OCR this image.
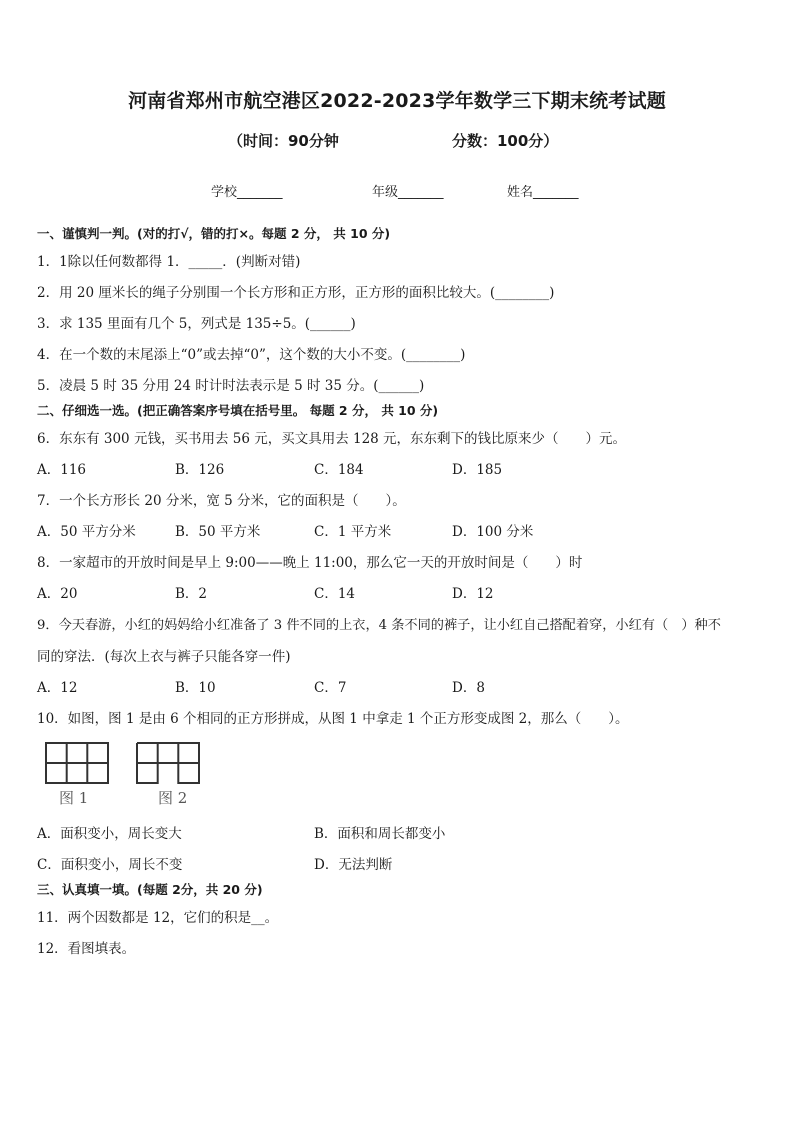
河南省郑州市航空港区2022-2023学年数学三下期末统考试题
（时间：90分钟	分数：100分）
学校_______	年级_______	姓名_______
一、谨慎判一判。(对的打√，错的打×。每题 2 分， 共 10 分)
1．1除以任何数都得 1．_____．(判断对错)
2．用 20 厘米长的绳子分别围一个长方形和正方形，正方形的面积比较大。(________)
3．求 135 里面有几个 5，列式是 135÷5。(______)
4．在一个数的末尾添上“0”或去掉“0”，这个数的大小不变。(________)
5．凌晨 5 时 35 分用 24 时计时法表示是 5 时 35 分。(______)
二、仔细选一选。(把正确答案序号填在括号里。 每题 2 分， 共 10 分)
6．东东有 300 元钱，买书用去 56 元，买文具用去 128 元，东东剩下的钱比原来少（　　）元。
A．116	B．126	C．184	D．185
7．一个长方形长 20 分米，宽 5 分米，它的面积是（　　）。
A．50 平方分米	B．50 平方米	C．1 平方米	D．100 分米
8．一家超市的开放时间是早上 9:00——晚上 11:00，那么它一天的开放时间是（　　）时
A．20	B．2	C．14	D．12
9．今天春游，小红的妈妈给小红准备了 3 件不同的上衣，4 条不同的裤子，让小红自己搭配着穿，小红有（　）种不
同的穿法．(每次上衣与裤子只能各穿一件)
A．12	B．10	C．7	D．8
10．如图，图 1 是由 6 个相同的正方形拼成，从图 1 中拿走 1 个正方形变成图 2，那么（　　）。
图 1	图 2
A．面积变小，周长变大	B．面积和周长都变小
C．面积变小，周长不变	D．无法判断
三、认真填一填。(每题 2分，共 20 分)
11．两个因数都是 12，它们的积是__。
12．看图填表。
